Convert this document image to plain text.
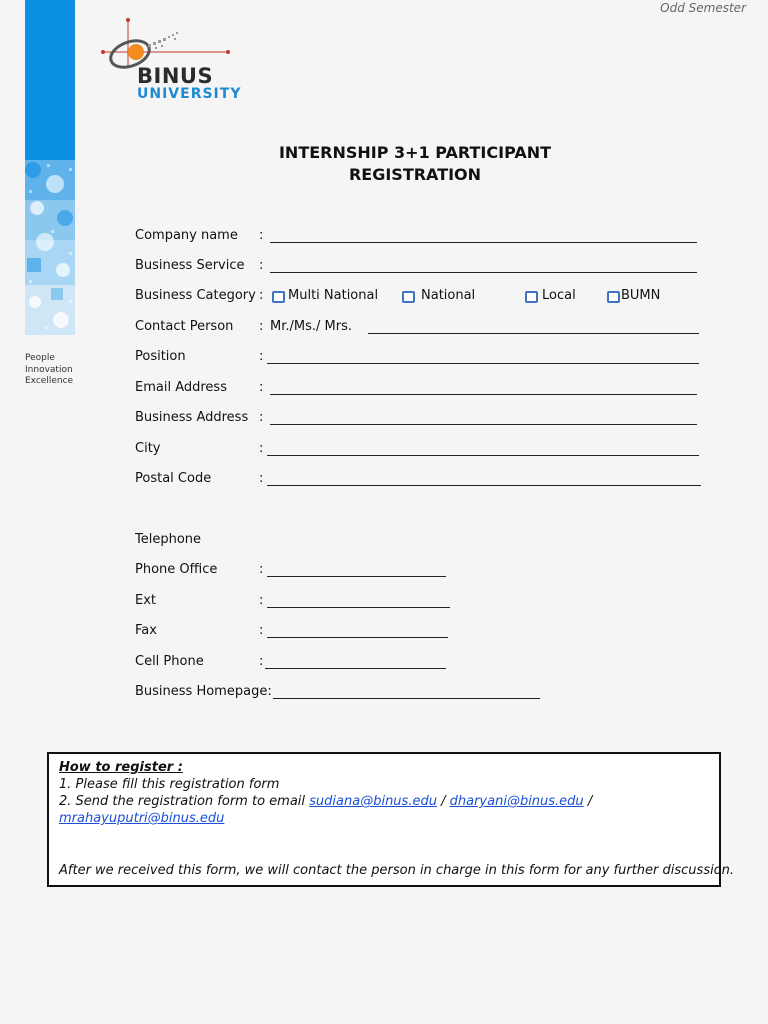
People
Innovation
Excellence
Odd Semester
BINUS
UNIVERSITY
INTERNSHIP 3+1 PARTICIPANT
REGISTRATION
Company name :
Business Service :
Business Category : Multi National	National	Local	BUMN
Contact Person : Mr./Ms./ Mrs.
Position	:
Email Address :
Business Address :
City	:
Postal Code	:
Telephone
Phone Office	:
Ext	:
Fax	:
Cell Phone	:
Business Homepage:
How to register :
1. Please fill this registration form
2. Send the registration form to email sudiana@binus.edu / dharyani@binus.edu /
mrahayuputri@binus.edu
After we received this form, we will contact the person in charge in this form for any further discussion.
